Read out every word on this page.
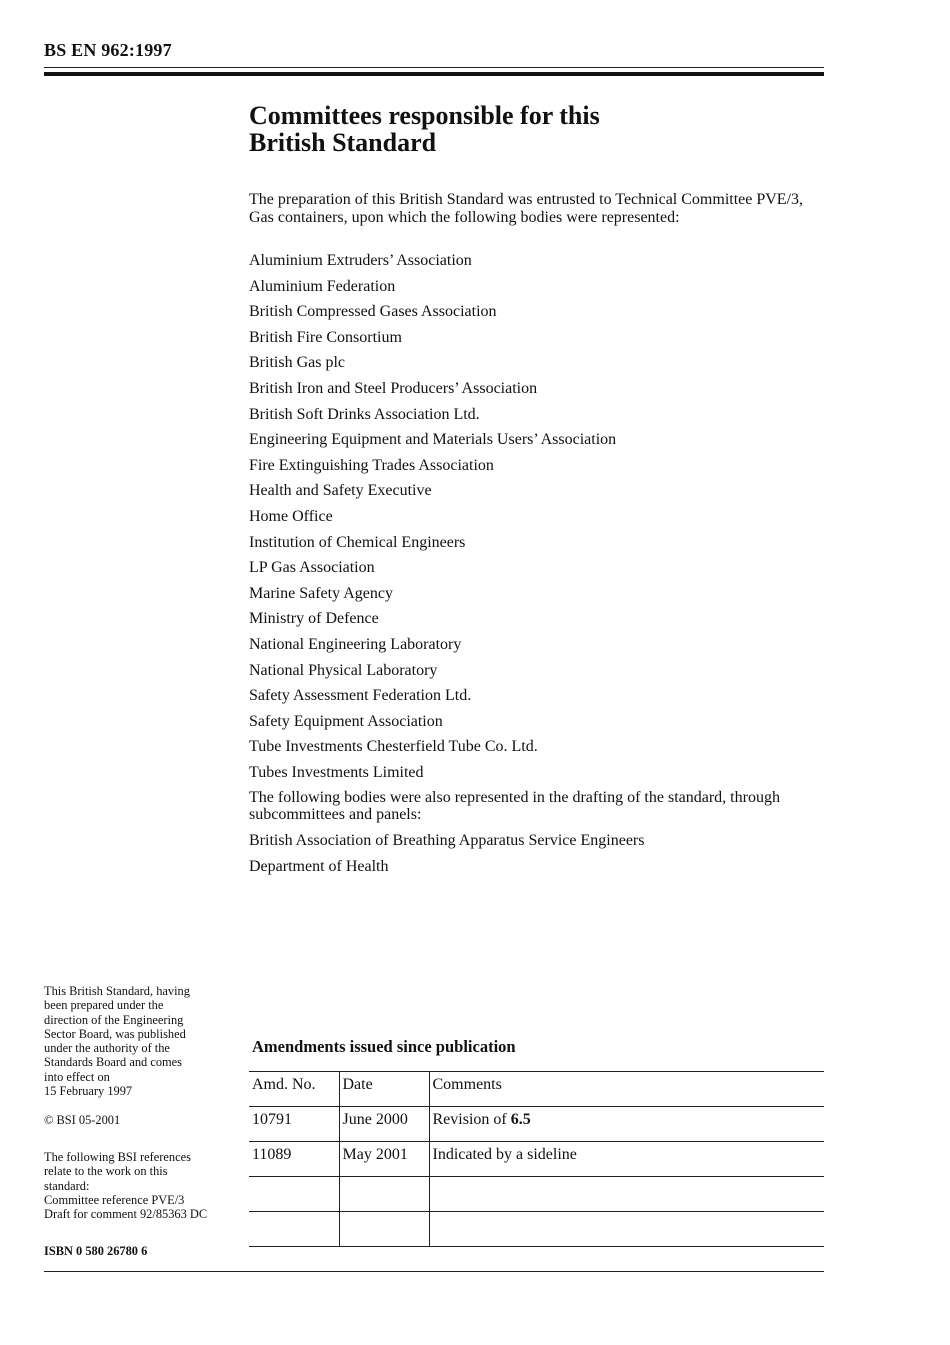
BS EN 962:1997
Committees responsible for this
British Standard

The preparation of this British Standard was entrusted to Technical Committee PVE/3, Gas containers, upon which the following bodies were represented:

Aluminium Extruders’ Association
Aluminium Federation
British Compressed Gases Association
British Fire Consortium
British Gas plc
British Iron and Steel Producers’ Association
British Soft Drinks Association Ltd.
Engineering Equipment and Materials Users’ Association
Fire Extinguishing Trades Association
Health and Safety Executive
Home Office
Institution of Chemical Engineers
LP Gas Association
Marine Safety Agency
Ministry of Defence
National Engineering Laboratory
National Physical Laboratory
Safety Assessment Federation Ltd.
Safety Equipment Association
Tube Investments Chesterfield Tube Co. Ltd.
Tubes Investments Limited

The following bodies were also represented in the drafting of the standard, through subcommittees and panels:

British Association of Breathing Apparatus Service Engineers
Department of Health

This British Standard, having
been prepared under the
direction of the Engineering
Sector Board, was published
under the authority of the
Standards Board and comes
into effect on
15 February 1997

© BSI 05-2001

The following BSI references
relate to the work on this
standard:
Committee reference PVE/3
Draft for comment 92/85363 DC

ISBN 0 580 26780 6

Amendments issued since publication
Amd. No.	Date	Comments
10791	June 2000	Revision of 6.5
11089	May 2001	Indicated by a sideline
